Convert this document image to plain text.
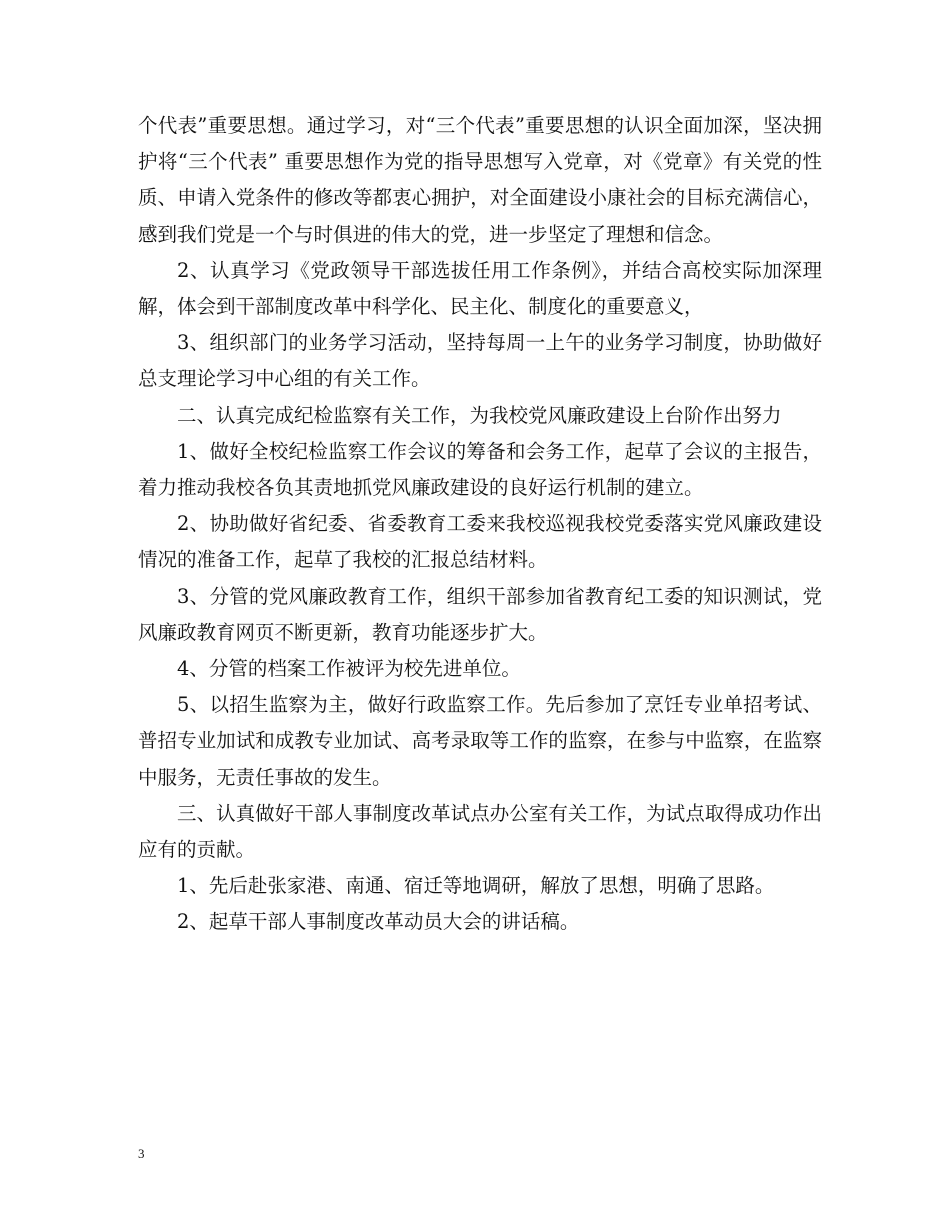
个代表”重要思想。通过学习，对“三个代表”重要思想的认识全面加深，坚决拥护将“三个代表” 重要思想作为党的指导思想写入党章，对《党章》有关党的性质、申请入党条件的修改等都衷心拥护，对全面建设小康社会的目标充满信心，感到我们党是一个与时俱进的伟大的党，进一步坚定了理想和信念。

2、认真学习《党政领导干部选拔任用工作条例》，并结合高校实际加深理解，体会到干部制度改革中科学化、民主化、制度化的重要意义，

3、组织部门的业务学习活动，坚持每周一上午的业务学习制度，协助做好总支理论学习中心组的有关工作。

二、认真完成纪检监察有关工作，为我校党风廉政建设上台阶作出努力

1、做好全校纪检监察工作会议的筹备和会务工作，起草了会议的主报告，着力推动我校各负其责地抓党风廉政建设的良好运行机制的建立。

2、协助做好省纪委、省委教育工委来我校巡视我校党委落实党风廉政建设情况的准备工作，起草了我校的汇报总结材料。

3、分管的党风廉政教育工作，组织干部参加省教育纪工委的知识测试，党风廉政教育网页不断更新，教育功能逐步扩大。

4、分管的档案工作被评为校先进单位。

5、以招生监察为主，做好行政监察工作。先后参加了烹饪专业单招考试、普招专业加试和成教专业加试、高考录取等工作的监察，在参与中监察，在监察中服务，无责任事故的发生。

三、认真做好干部人事制度改革试点办公室有关工作，为试点取得成功作出应有的贡献。

1、先后赴张家港、南通、宿迁等地调研，解放了思想，明确了思路。

2、起草干部人事制度改革动员大会的讲话稿。

3
